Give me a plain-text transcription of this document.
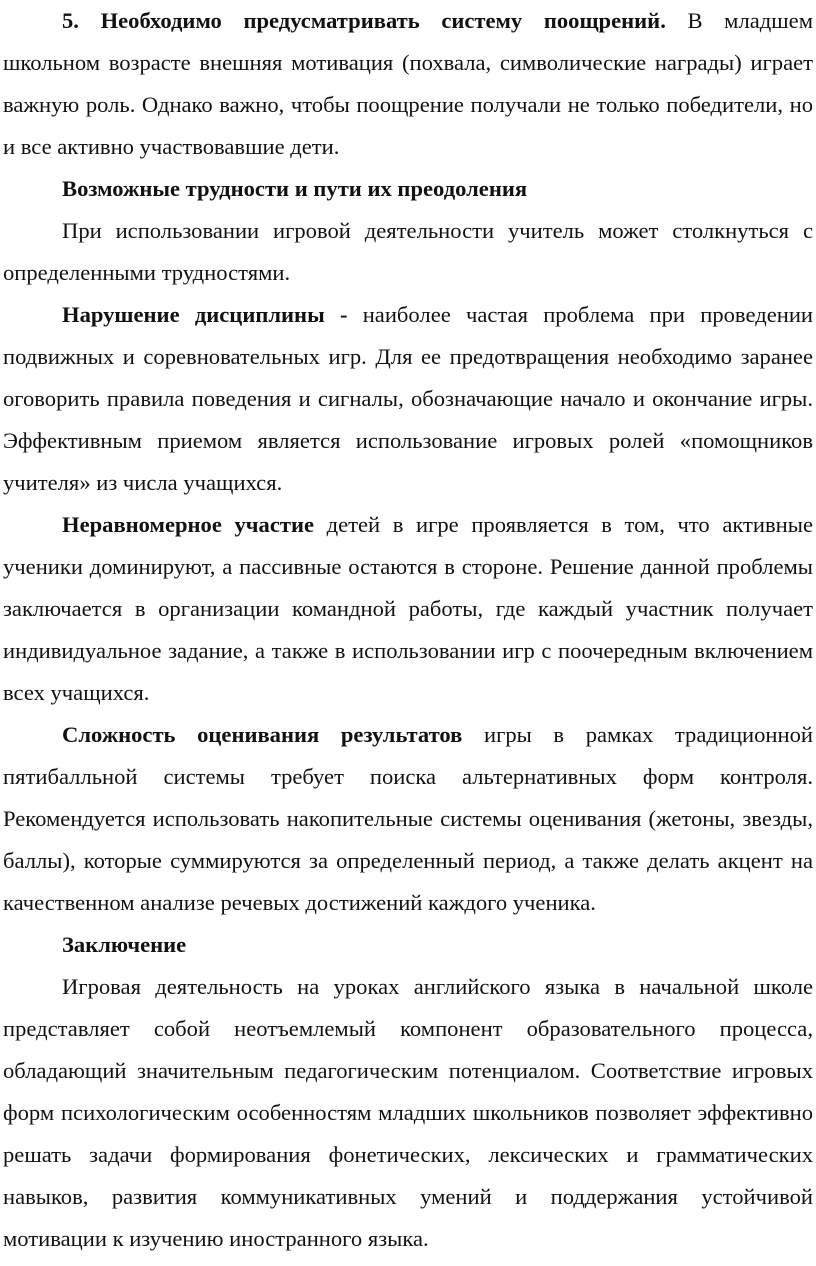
5. Необходимо предусматривать систему поощрений. В младшем школьном возрасте внешняя мотивация (похвала, символические награды) играет важную роль. Однако важно, чтобы поощрение получали не только победители, но и все активно участвовавшие дети.

Возможные трудности и пути их преодоления

При использовании игровой деятельности учитель может столкнуться с определенными трудностями.

Нарушение дисциплины - наиболее частая проблема при проведении подвижных и соревновательных игр. Для ее предотвращения необходимо заранее оговорить правила поведения и сигналы, обозначающие начало и окончание игры. Эффективным приемом является использование игровых ролей «помощников учителя» из числа учащихся.

Неравномерное участие детей в игре проявляется в том, что активные ученики доминируют, а пассивные остаются в стороне. Решение данной проблемы заключается в организации командной работы, где каждый участник получает индивидуальное задание, а также в использовании игр с поочередным включением всех учащихся.

Сложность оценивания результатов игры в рамках традиционной пятибалльной системы требует поиска альтернативных форм контроля. Рекомендуется использовать накопительные системы оценивания (жетоны, звезды, баллы), которые суммируются за определенный период, а также делать акцент на качественном анализе речевых достижений каждого ученика.

Заключение

Игровая деятельность на уроках английского языка в начальной школе представляет собой неотъемлемый компонент образовательного процесса, обладающий значительным педагогическим потенциалом. Соответствие игровых форм психологическим особенностям младших школьников позволяет эффективно решать задачи формирования фонетических, лексических и грамматических навыков, развития коммуникативных умений и поддержания устойчивой мотивации к изучению иностранного языка.
